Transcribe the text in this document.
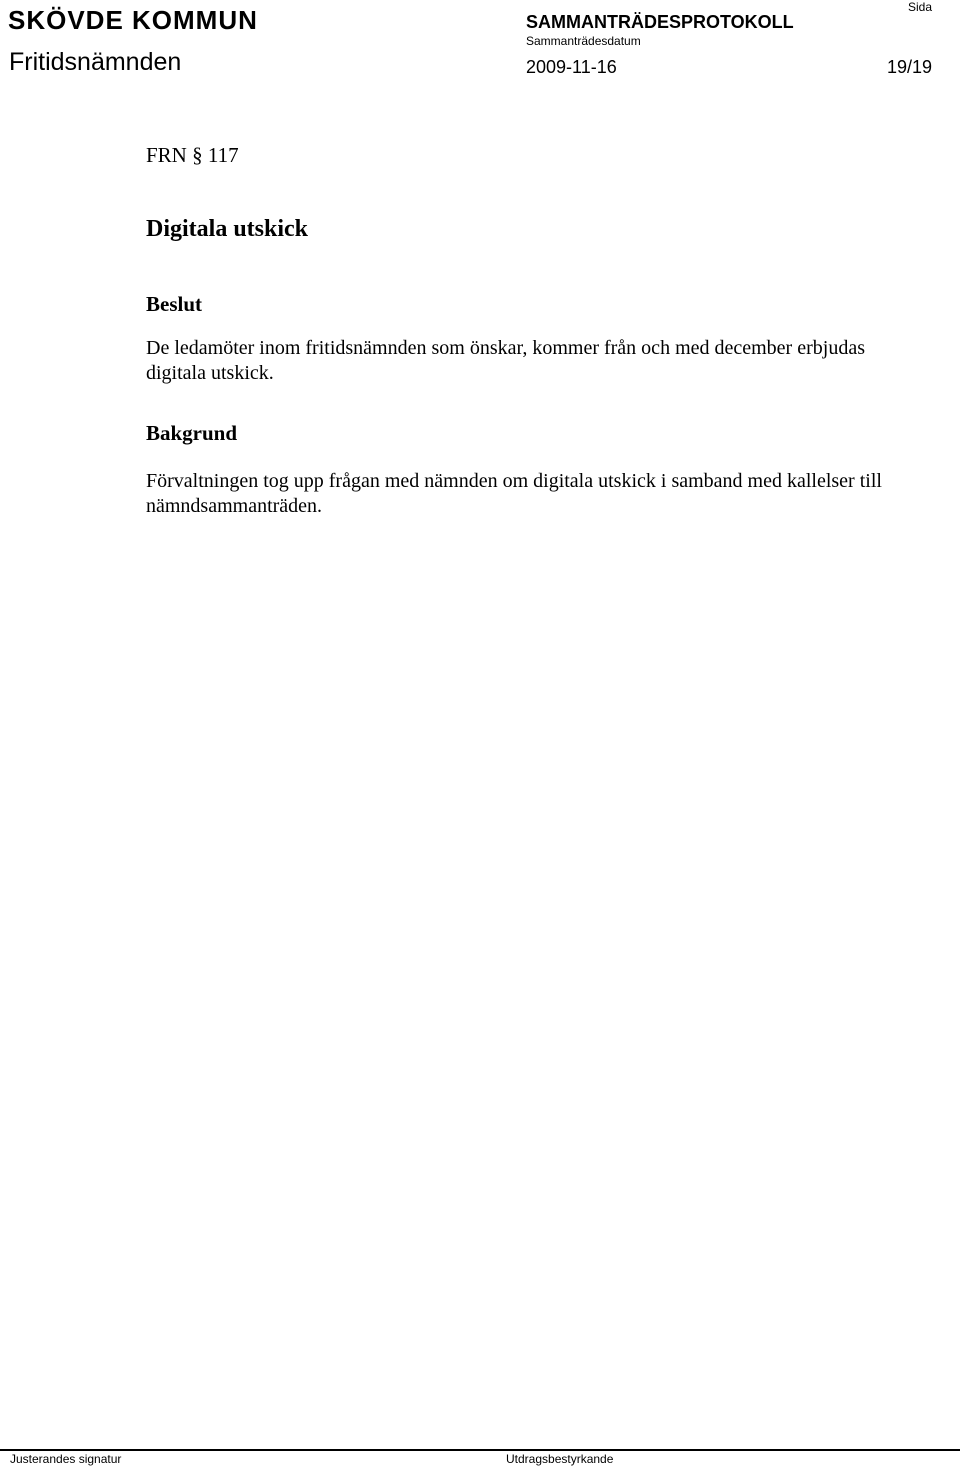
SKÖVDE KOMMUN
Fritidsnämnden
SAMMANTRÄDESPROTOKOLL
Sammanträdesdatum
2009-11-16
Sida
19/19

FRN § 117

Digitala utskick
Beslut

De ledamöter inom fritidsnämnden som önskar, kommer från och med december erbjudas digitala utskick.

Bakgrund

Förvaltningen tog upp frågan med nämnden om digitala utskick i samband med kallelser till nämndsammanträden.

Justerandes signatur	Utdragsbestyrkande
